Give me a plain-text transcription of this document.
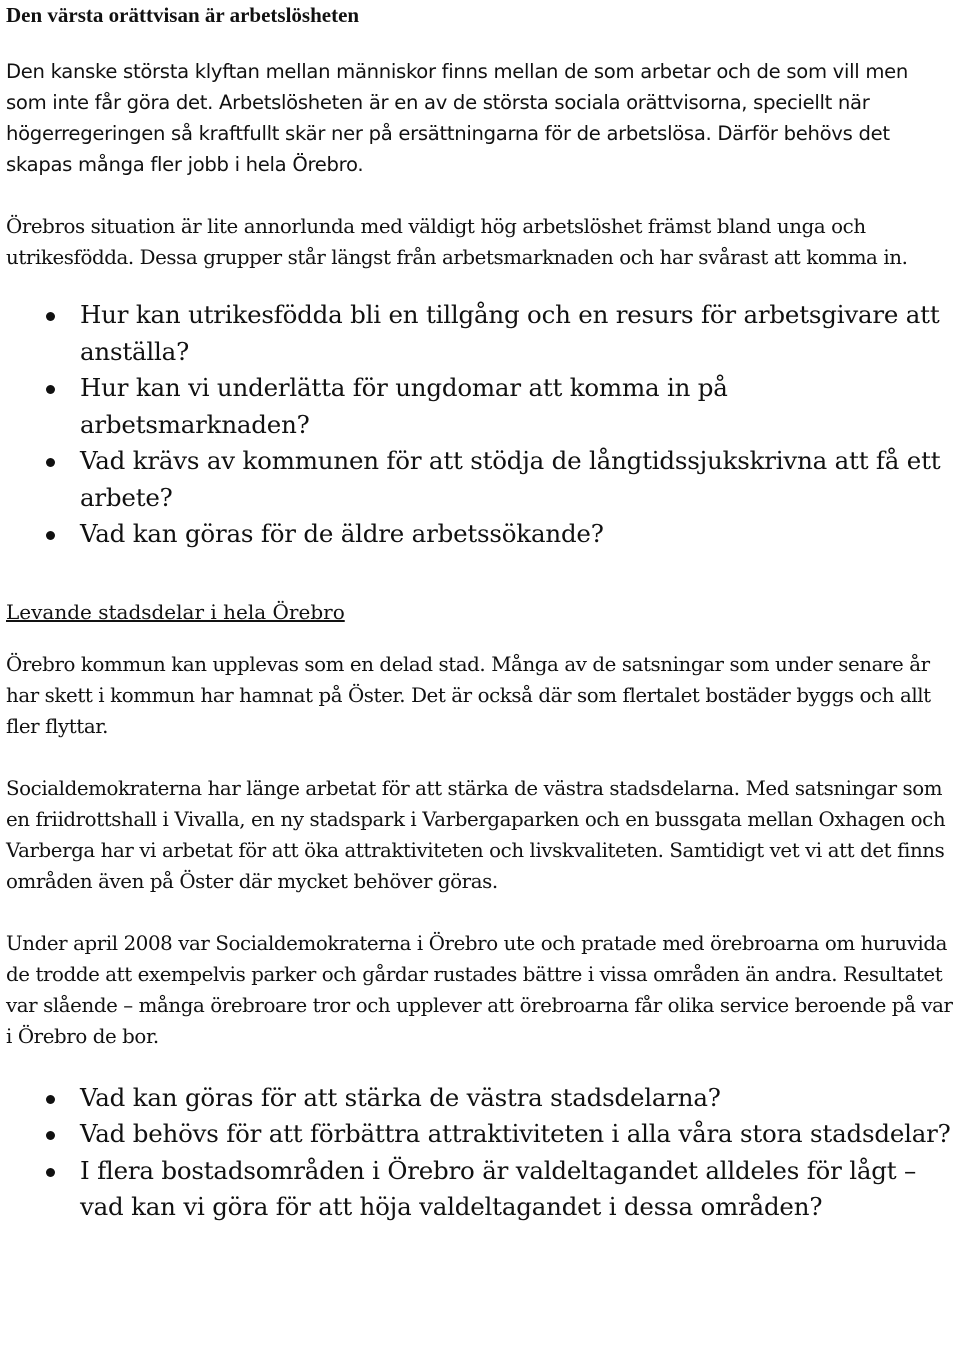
Den värsta orättvisan är arbetslösheten

Den kanske största klyftan mellan människor finns mellan de som arbetar och de som vill men som inte får göra det. Arbetslösheten är en av de största sociala orättvisorna, speciellt när högerregeringen så kraftfullt skär ner på ersättningarna för de arbetslösa. Därför behövs det skapas många fler jobb i hela Örebro.

Örebros situation är lite annorlunda med väldigt hög arbetslöshet främst bland unga och utrikesfödda. Dessa grupper står längst från arbetsmarknaden och har svårast att komma in.

Hur kan utrikesfödda bli en tillgång och en resurs för arbetsgivare att anställa?
Hur kan vi underlätta för ungdomar att komma in på arbetsmarknaden?
Vad krävs av kommunen för att stödja de långtidssjukskrivna att få ett arbete?
Vad kan göras för de äldre arbetssökande?
Levande stadsdelar i hela Örebro

Örebro kommun kan upplevas som en delad stad. Många av de satsningar som under senare år har skett i kommun har hamnat på Öster. Det är också där som flertalet bostäder byggs och allt fler flyttar.

Socialdemokraterna har länge arbetat för att stärka de västra stadsdelarna. Med satsningar som en friidrottshall i Vivalla, en ny stadspark i Varbergaparken och en bussgata mellan Oxhagen och Varberga har vi arbetat för att öka attraktiviteten och livskvaliteten. Samtidigt vet vi att det finns områden även på Öster där mycket behöver göras.

Under april 2008 var Socialdemokraterna i Örebro ute och pratade med örebroarna om huruvida de trodde att exempelvis parker och gårdar rustades bättre i vissa områden än andra. Resultatet var slående – många örebroare tror och upplever att örebroarna får olika service beroende på var i Örebro de bor.

Vad kan göras för att stärka de västra stadsdelarna?
Vad behövs för att förbättra attraktiviteten i alla våra stora stadsdelar?
I flera bostadsområden i Örebro är valdeltagandet alldeles för lågt – vad kan vi göra för att höja valdeltagandet i dessa områden?
